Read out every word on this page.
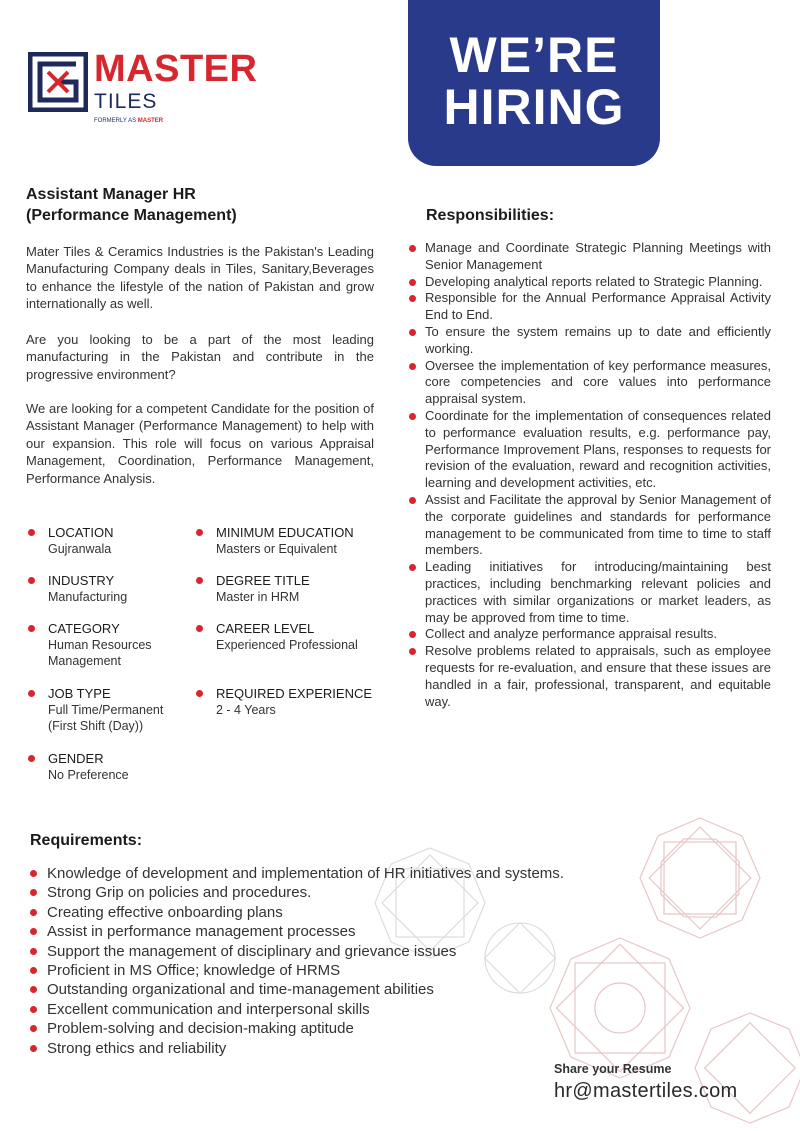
MASTER
TILES
FORMERLY AS MASTER
WE’RE
HIRING
Assistant Manager HR
(Performance Management)
Mater Tiles & Ceramics Industries is the Pakistan's Leading Manufacturing Company deals in Tiles, Sanitary,Beverages to enhance the lifestyle of the nation of Pakistan and grow internationally as well.
Are you looking to be a part of the most leading manufacturing in the Pakistan and contribute in the progressive environment?
We are looking for a competent Candidate for the position of Assistant Manager (Performance Management) to help with our expansion. This role will focus on various Appraisal Management, Coordination, Performance Management, Performance Analysis.
LOCATION
Gujranwala
MINIMUM EDUCATION
Masters or Equivalent
INDUSTRY
Manufacturing
DEGREE TITLE
Master in HRM
CATEGORY
Human Resources Management
CAREER LEVEL
Experienced Professional
JOB TYPE
Full Time/Permanent (First Shift (Day))
REQUIRED EXPERIENCE
2 - 4 Years
GENDER
No Preference
Responsibilities:
Manage and Coordinate Strategic Planning Meetings with Senior Management
Developing analytical reports related to Strategic Planning.
Responsible for the Annual Performance Appraisal Activity End to End.
To ensure the system remains up to date and efficiently working.
Oversee the implementation of key performance measures, core competencies and core values into performance appraisal system.
Coordinate for the implementation of consequences related to performance evaluation results, e.g. performance pay, Performance Improvement Plans, responses to requests for revision of the evaluation, reward and recognition activities, learning and development activities, etc.
Assist and Facilitate the approval by Senior Management of the corporate guidelines and standards for performance management to be communicated from time to time to staff members.
Leading initiatives for introducing/maintaining best practices, including benchmarking relevant policies and practices with similar organizations or market leaders, as may be approved from time to time.
Collect and analyze performance appraisal results.
Resolve problems related to appraisals, such as employee requests for re-evaluation, and ensure that these issues are handled in a fair, professional, transparent, and equitable way.
Requirements:
Knowledge of development and implementation of HR initiatives and systems.
Strong Grip on policies and procedures.
Creating effective onboarding plans
Assist in performance management processes
Support the management of disciplinary and grievance issues
Proficient in MS Office; knowledge of HRMS
Outstanding organizational and time-management abilities
Excellent communication and interpersonal skills
Problem-solving and decision-making aptitude
Strong ethics and reliability
Share your Resume
hr@mastertiles.com
